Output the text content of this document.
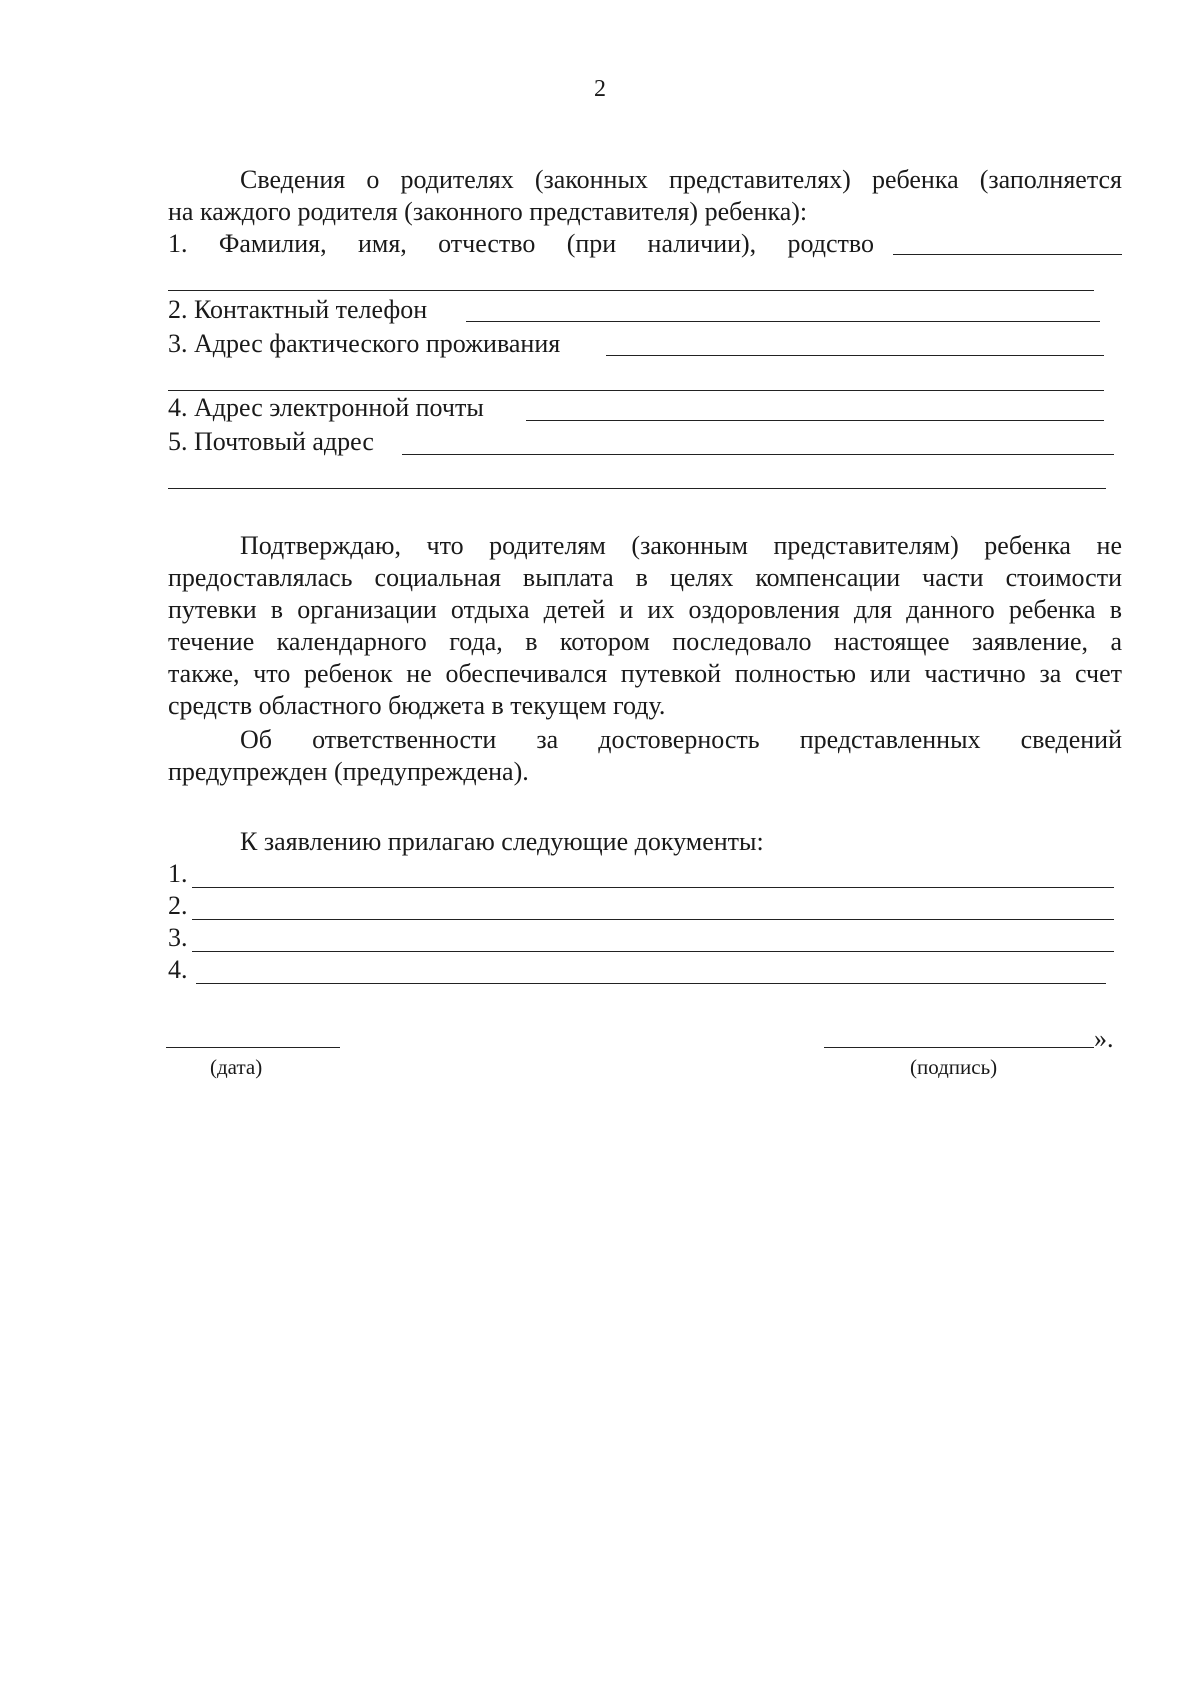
2
Сведения о родителях (законных представителях) ребенка (заполняется
на каждого родителя (законного представителя) ребенка):
1. Фамилия, имя, отчество (при наличии), родство
2. Контактный телефон
3. Адрес фактического проживания
4. Адрес электронной почты
5. Почтовый адрес
Подтверждаю, что родителям (законным представителям) ребенка не
предоставлялась социальная выплата в целях компенсации части стоимости
путевки в организации отдыха детей и их оздоровления для данного ребенка в
течение календарного года, в котором последовало настоящее заявление, а
также, что ребенок не обеспечивался путевкой полностью или частично за счет
средств областного бюджета в текущем году.
Об ответственности за достоверность представленных сведений
предупрежден (предупреждена).
К заявлению прилагаю следующие документы:
1.
2.
3.
4.
(дата)
».
(подпись)
